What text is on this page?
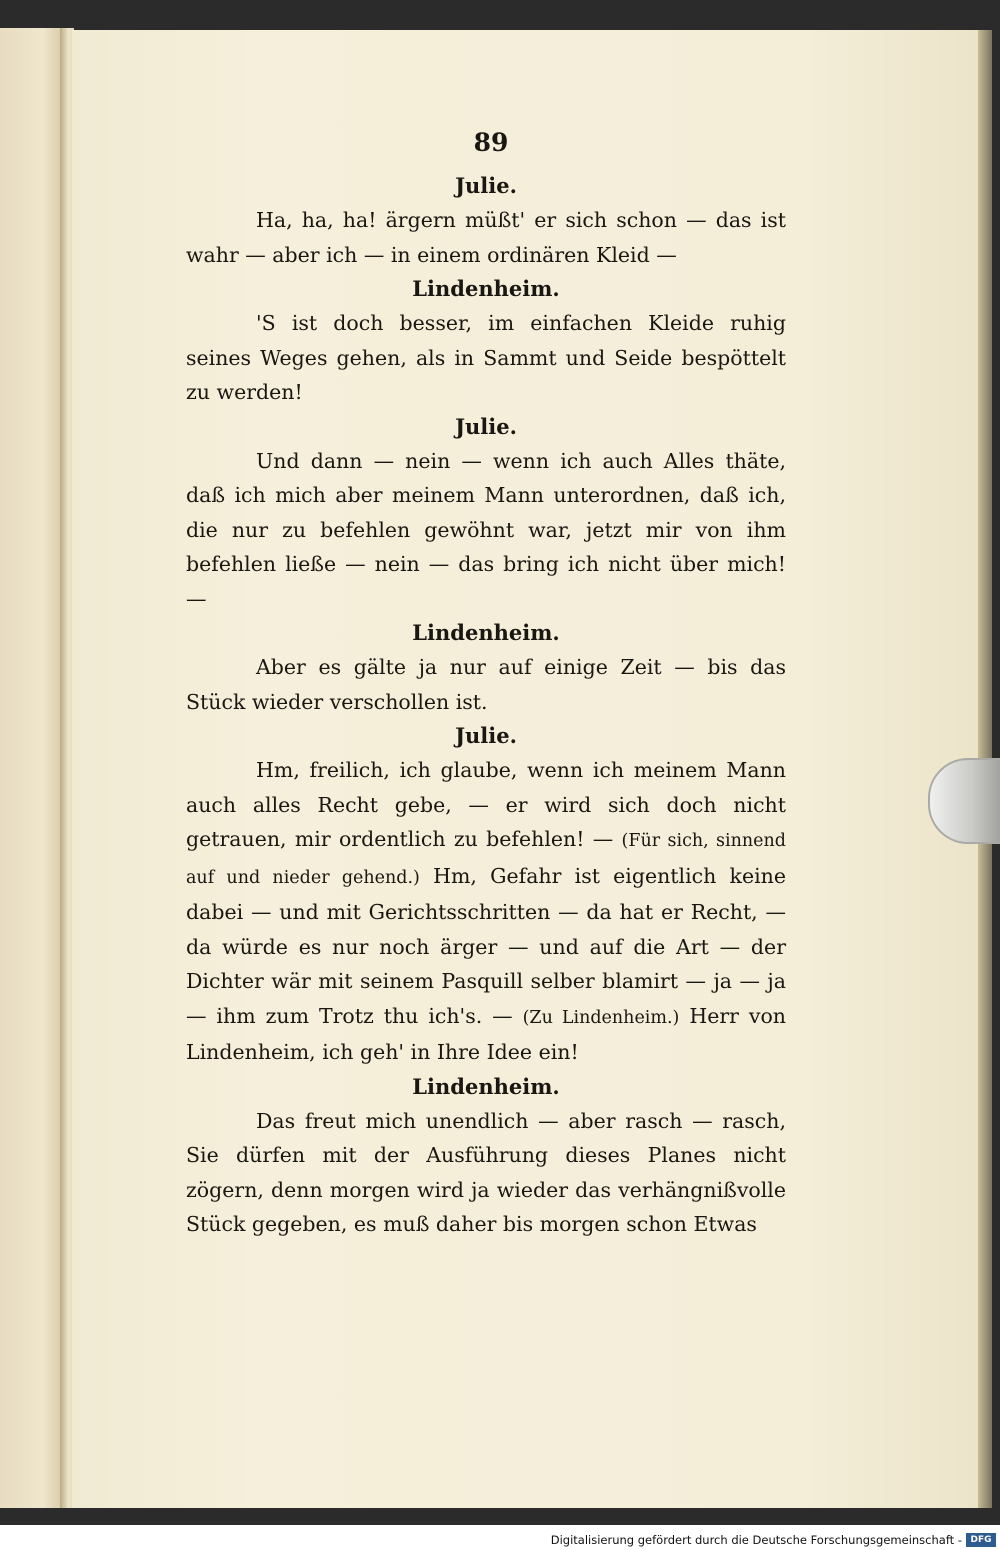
89

Julie.

Ha, ha, ha! ärgern müßt' er sich schon — das ist wahr — aber ich — in einem ordinären Kleid —

Lindenheim.

'S ist doch besser, im einfachen Kleide ruhig seines Weges gehen, als in Sammt und Seide bespöttelt zu werden!

Julie.

Und dann — nein — wenn ich auch Alles thäte, daß ich mich aber meinem Mann unterordnen, daß ich, die nur zu befehlen gewöhnt war, jetzt mir von ihm befehlen ließe — nein — das bring ich nicht über mich! —

Lindenheim.

Aber es gälte ja nur auf einige Zeit — bis das Stück wieder verschollen ist.

Julie.

Hm, freilich, ich glaube, wenn ich meinem Mann auch alles Recht gebe, — er wird sich doch nicht getrauen, mir ordentlich zu befehlen! — (Für sich, sinnend auf und nieder gehend.) Hm, Gefahr ist eigentlich keine dabei — und mit Gerichtsschritten — da hat er Recht, — da würde es nur noch ärger — und auf die Art — der Dichter wär mit seinem Pasquill selber blamirt — ja — ja — ihm zum Trotz thu ich's. — (Zu Lindenheim.) Herr von Lindenheim, ich geh' in Ihre Idee ein!

Lindenheim.

Das freut mich unendlich — aber rasch — rasch, Sie dürfen mit der Ausführung dieses Planes nicht zögern, denn morgen wird ja wieder das verhängnißvolle Stück gegeben, es muß daher bis morgen schon Etwas

Digitalisierung gefördert durch die Deutsche Forschungsgemeinschaft - DFG
